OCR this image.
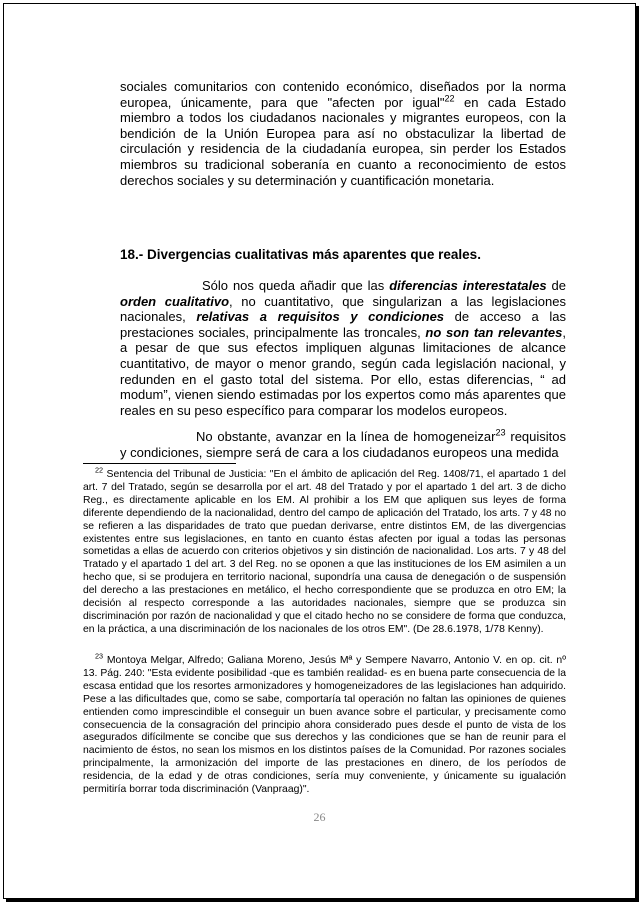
sociales comunitarios con contenido económico, diseñados por la norma europea, únicamente, para que "afecten por igual"$^{22}$ en cada Estado miembro a todos los ciudadanos nacionales y migrantes europeos, con la bendición de la Unión Europea para así no obstaculizar la libertad de circulación y residencia de la ciudadanía europea, sin perder los Estados miembros su tradicional soberanía en cuanto a reconocimiento de estos derechos sociales y su determinación y cuantificación monetaria.
18.- Divergencias cualitativas más aparentes que reales.
Sólo nos queda añadir que las diferencias interestatales de orden cualitativo, no cuantitativo, que singularizan a las legislaciones nacionales, relativas a requisitos y condiciones de acceso a las prestaciones sociales, principalmente las troncales, no son tan relevantes, a pesar de que sus efectos impliquen algunas limitaciones de alcance cuantitativo, de mayor o menor grando, según cada legislación nacional, y redunden en el gasto total del sistema. Por ello, estas diferencias, “ ad modum”, vienen siendo estimadas por los expertos como más aparentes que reales en su peso específico para comparar los modelos europeos.
No obstante, avanzar en la línea de homogeneizar$^{23}$ requisitos y condiciones, siempre será de cara a los ciudadanos europeos una medida
$^{22}$ Sentencia del Tribunal de Justicia: "En el ámbito de aplicación del Reg. 1408/71, el apartado 1 del art. 7 del Tratado, según se desarrolla por el art. 48 del Tratado y por el apartado 1 del art. 3 de dicho Reg., es directamente aplicable en los EM. Al prohibir a los EM que apliquen sus leyes de forma diferente dependiendo de la nacionalidad, dentro del campo de aplicación del Tratado, los arts. 7 y 48 no se refieren a las disparidades de trato que puedan derivarse, entre distintos EM, de las divergencias existentes entre sus legislaciones, en tanto en cuanto éstas afecten por igual a todas las personas sometidas a ellas de acuerdo con criterios objetivos y sin distinción de nacionalidad. Los arts. 7 y 48 del Tratado y el apartado 1 del art. 3 del Reg. no se oponen a que las instituciones de los EM asimilen a un hecho que, si se produjera en territorio nacional, supondría una causa de denegación o de suspensión del derecho a las prestaciones en metálico, el hecho correspondiente que se produzca en otro EM; la decisión al respecto corresponde a las autoridades nacionales, siempre que se produzca sin discriminación por razón de nacionalidad y que el citado hecho no se considere de forma que conduzca, en la práctica, a una discriminación de los nacionales de los otros EM". (De 28.6.1978, 1/78 Kenny).
$^{23}$ Montoya Melgar, Alfredo; Galiana Moreno, Jesús Mª y Sempere Navarro, Antonio V. en op. cit. nº 13. Pág. 240: "Esta evidente posibilidad -que es también realidad- es en buena parte consecuencia de la escasa entidad que los resortes armonizadores y homogeneizadores de las legislaciones han adquirido. Pese a las dificultades que, como se sabe, comportaría tal operación no faltan las opiniones de quienes entienden como imprescindible el conseguir un buen avance sobre el particular, y precisamente como consecuencia de la consagración del principio ahora considerado pues desde el punto de vista de los asegurados difícilmente se concibe que sus derechos y las condiciones que se han de reunir para el nacimiento de éstos, no sean los mismos en los distintos países de la Comunidad. Por razones sociales principalmente, la armonización del importe de las prestaciones en dinero, de los períodos de residencia, de la edad y de otras condiciones, sería muy conveniente, y únicamente su igualación permitiría borrar toda discriminación (Vanpraag)".
26
